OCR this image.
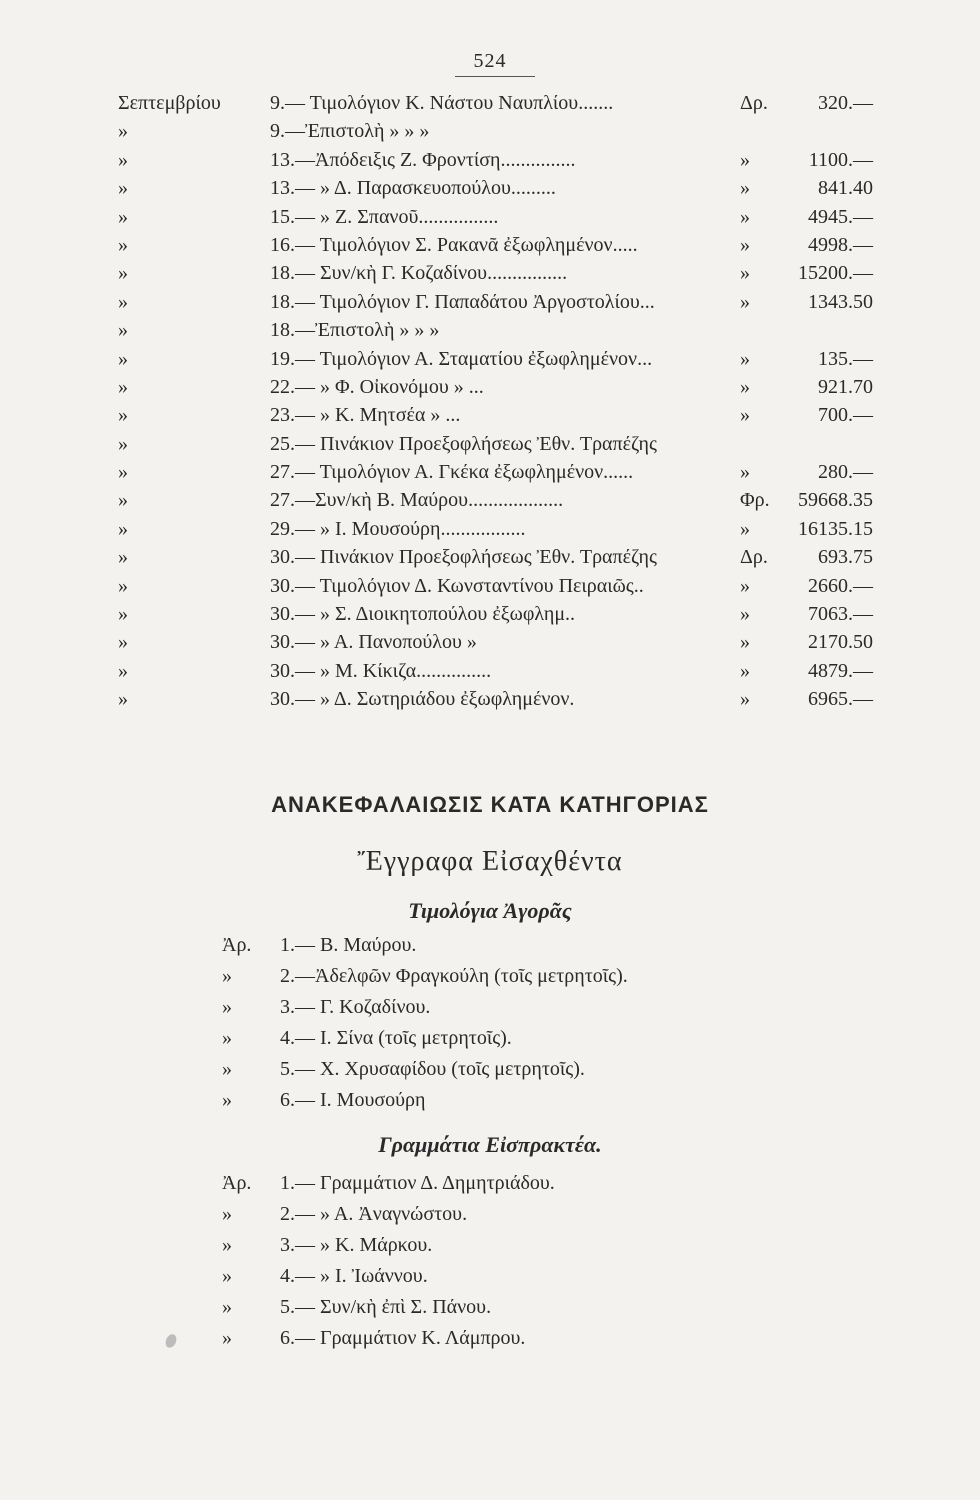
524
Σεπτεμβρίου	9.— Τιμολόγιον Κ. Νάστου Ναυπλίου.......	Δρ.	320.—
»	9.—Ἐπιστολὴ » » »
»	13.—Ἀπόδειξις Ζ. Φροντίση...............	»	1100.—
»	13.— » Δ. Παρασκευοπούλου.........	»	841.40
»	15.— » Ζ. Σπανοῦ................	»	4945.—
»	16.— Τιμολόγιον Σ. Ρακανᾶ ἐξωφλημένον.....	»	4998.—
»	18.— Συν/κὴ Γ. Κοζαδίνου................	»	15200.—
»	18.— Τιμολόγιον Γ. Παπαδάτου Ἀργοστολίου...	»	1343.50
»	18.—Ἐπιστολὴ » » »
»	19.— Τιμολόγιον Α. Σταματίου ἐξωφλημένον...	»	135.—
»	22.— » Φ. Οἰκονόμου » ...	»	921.70
»	23.— » Κ. Μητσέα » ...	»	700.—
»	25.— Πινάκιον Προεξοφλήσεως Ἐθν. Τραπέζης
»	27.— Τιμολόγιον Α. Γκέκα ἐξωφλημένον......	»	280.—
»	27.—Συν/κὴ Β. Μαύρου...................	Φρ.	59668.35
»	29.— » Ι. Μουσούρη.................	»	16135.15
»	30.— Πινάκιον Προεξοφλήσεως Ἐθν. Τραπέζης	Δρ.	693.75
»	30.— Τιμολόγιον Δ. Κωνσταντίνου Πειραιῶς..	»	2660.—
»	30.— » Σ. Διοικητοπούλου ἐξωφλημ..	»	7063.—
»	30.— » Α. Πανοπούλου »	»	2170.50
»	30.— » Μ. Κίκιζα...............	»	4879.—
»	30.— » Δ. Σωτηριάδου ἐξωφλημένον.	»	6965.—
ΑΝΑΚΕΦΑΛΑΙΩΣΙΣ ΚΑΤΑ ΚΑΤΗΓΟΡΙΑΣ
Ἔγγραφα Εἰσαχθέντα
Τιμολόγια Ἀγορᾶς
Ἀρ.	1.— Β. Μαύρου.
»	2.—Ἀδελφῶν Φραγκούλη (τοῖς μετρητοῖς).
»	3.— Γ. Κοζαδίνου.
»	4.— Ι. Σίνα (τοῖς μετρητοῖς).
»	5.— Χ. Χρυσαφίδου (τοῖς μετρητοῖς).
»	6.— Ι. Μουσούρη
Γραμμάτια Εἰσπρακτέα.
Ἀρ.	1.— Γραμμάτιον Δ. Δημητριάδου.
»	2.— » Α. Ἀναγνώστου.
»	3.— » Κ. Μάρκου.
»	4.— » Ι. Ἰωάννου.
»	5.— Συν/κὴ ἐπὶ Σ. Πάνου.
»	6.— Γραμμάτιον Κ. Λάμπρου.
